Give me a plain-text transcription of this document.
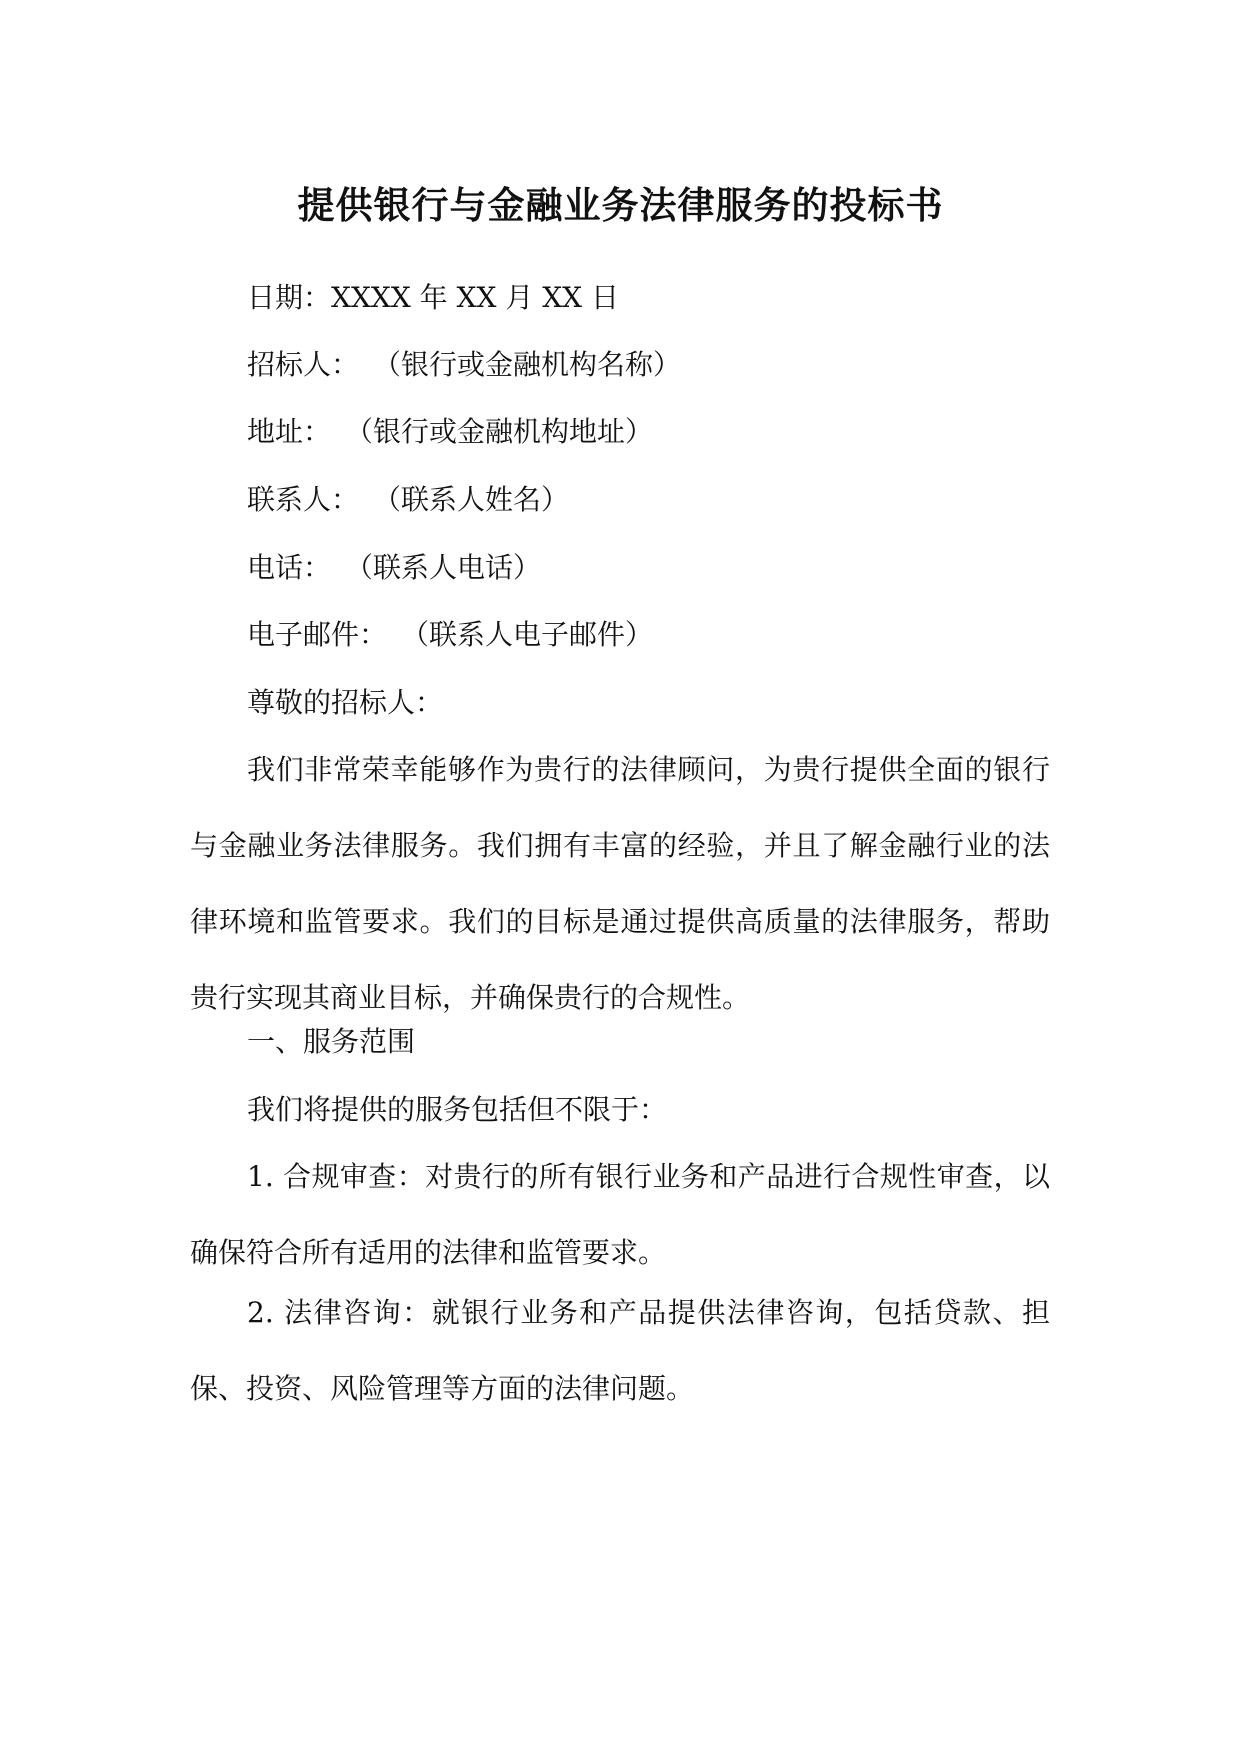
提供银行与金融业务法律服务的投标书
日期：XXXX 年 XX 月 XX 日
招标人： （银行或金融机构名称）
地址： （银行或金融机构地址）
联系人： （联系人姓名）
电话： （联系人电话）
电子邮件： （联系人电子邮件）
尊敬的招标人：
我们非常荣幸能够作为贵行的法律顾问，为贵行提供全面的银行与金融业务法律服务。我们拥有丰富的经验，并且了解金融行业的法律环境和监管要求。我们的目标是通过提供高质量的法律服务，帮助贵行实现其商业目标，并确保贵行的合规性。
一、服务范围
我们将提供的服务包括但不限于：
1. 合规审查：对贵行的所有银行业务和产品进行合规性审查，以确保符合所有适用的法律和监管要求。
2. 法律咨询：就银行业务和产品提供法律咨询，包括贷款、担保、投资、风险管理等方面的法律问题。
